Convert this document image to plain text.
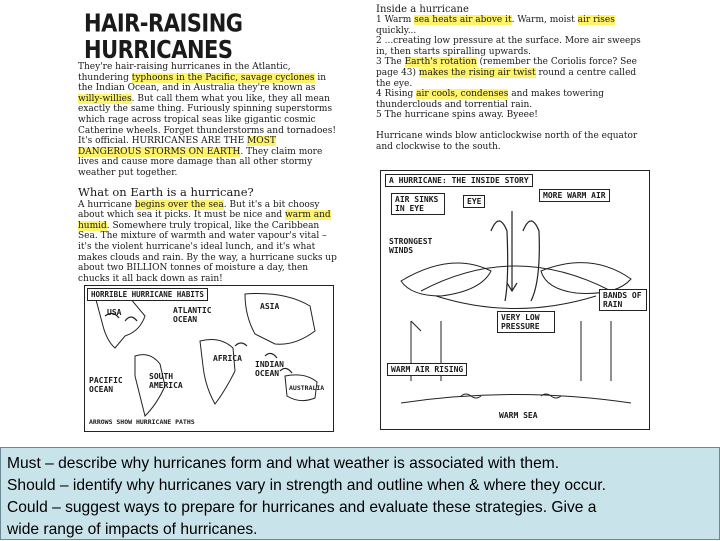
HAIR-RAISING HURRICANES

They're hair-raising hurricanes in the Atlantic, thundering typhoons in the Pacific, savage cyclones in the Indian Ocean, and in Australia they're known as willy-willies. But call them what you like, they all mean exactly the same thing. Furiously spinning superstorms which rage across tropical seas like gigantic cosmic Catherine wheels. Forget thunderstorms and tornadoes! It's official. HURRICANES ARE THE MOST DANGEROUS STORMS ON EARTH. They claim more lives and cause more damage than all other stormy weather put together.

What on Earth is a hurricane?

A hurricane begins over the sea. But it's a bit choosy about which sea it picks. It must be nice and warm and humid. Somewhere truly tropical, like the Caribbean Sea. The mixture of warmth and water vapour's vital – it's the violent hurricane's ideal lunch, and it's what makes clouds and rain. By the way, a hurricane sucks up about two BILLION tonnes of moisture a day, then chucks it all back down as rain!

HORRIBLE HURRICANE HABITS
USA	ATLANTIC OCEAN
ASIA
AFRICA
PACIFIC OCEAN
SOUTH AMERICA
INDIAN OCEAN
AUSTRALIA
ARROWS SHOW HURRICANE PATHS
Inside a hurricane

1 Warm sea heats air above it. Warm, moist air rises quickly...

2 ...creating low pressure at the surface. More air sweeps in, then starts spiralling upwards.

3 The Earth's rotation (remember the Coriolis force? See page 43) makes the rising air twist round a centre called the eye.

4 Rising air cools, condenses and makes towering thunderclouds and torrential rain.

5 The hurricane spins away. Byeee!

Hurricane winds blow anticlockwise north of the equator and clockwise to the south.

A HURRICANE: THE INSIDE STORY
AIR SINKS IN EYE
EYE
MORE WARM AIR
STRONGEST WINDS
BANDS OF RAIN
VERY LOW PRESSURE
WARM AIR RISING
WARM SEA

Must – describe why hurricanes form and what weather is associated with them.

Should – identify why hurricanes vary in strength and outline when & where they occur.

Could – suggest ways to prepare for hurricanes and evaluate these strategies. Give a

wide range of impacts of hurricanes.
